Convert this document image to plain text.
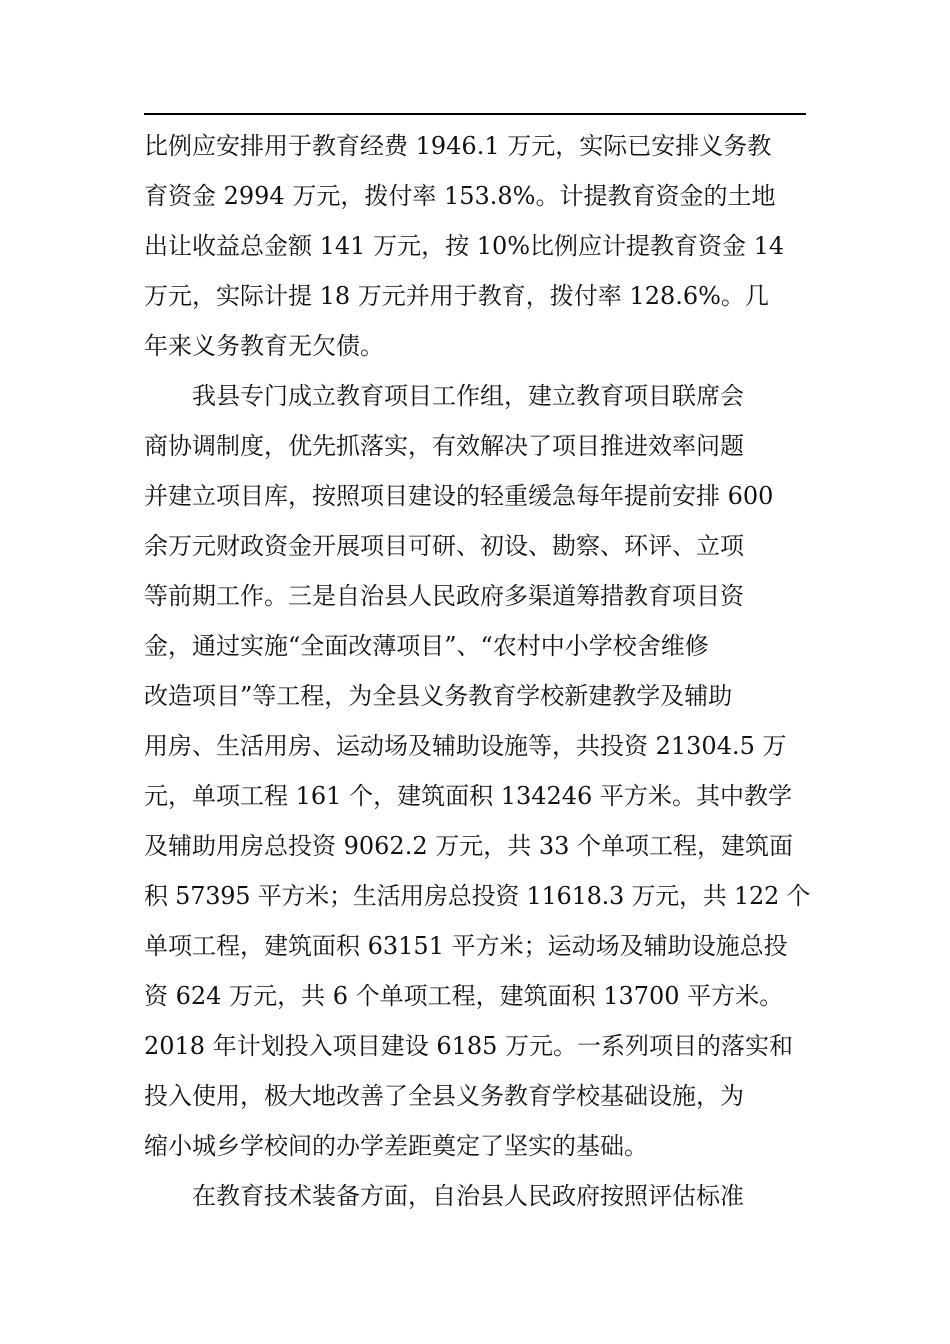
比例应安排用于教育经费 1946.1 万元，实际已安排义务教
育资金 2994 万元，拨付率 153.8%。计提教育资金的土地
出让收益总金额 141 万元，按 10%比例应计提教育资金 14
万元，实际计提 18 万元并用于教育，拨付率 128.6%。几
年来义务教育无欠债。
我县专门成立教育项目工作组，建立教育项目联席会
商协调制度，优先抓落实，有效解决了项目推进效率问题
并建立项目库，按照项目建设的轻重缓急每年提前安排 600
余万元财政资金开展项目可研、初设、勘察、环评、立项
等前期工作。三是自治县人民政府多渠道筹措教育项目资
金，通过实施“全面改薄项目”、“农村中小学校舍维修
改造项目”等工程，为全县义务教育学校新建教学及辅助
用房、生活用房、运动场及辅助设施等，共投资 21304.5 万
元，单项工程 161 个，建筑面积 134246 平方米。其中教学
及辅助用房总投资 9062.2 万元，共 33 个单项工程，建筑面
积 57395 平方米；生活用房总投资 11618.3 万元，共 122 个
单项工程，建筑面积 63151 平方米；运动场及辅助设施总投
资 624 万元，共 6 个单项工程，建筑面积 13700 平方米。
2018 年计划投入项目建设 6185 万元。一系列项目的落实和
投入使用，极大地改善了全县义务教育学校基础设施，为
缩小城乡学校间的办学差距奠定了坚实的基础。
在教育技术装备方面，自治县人民政府按照评估标准
